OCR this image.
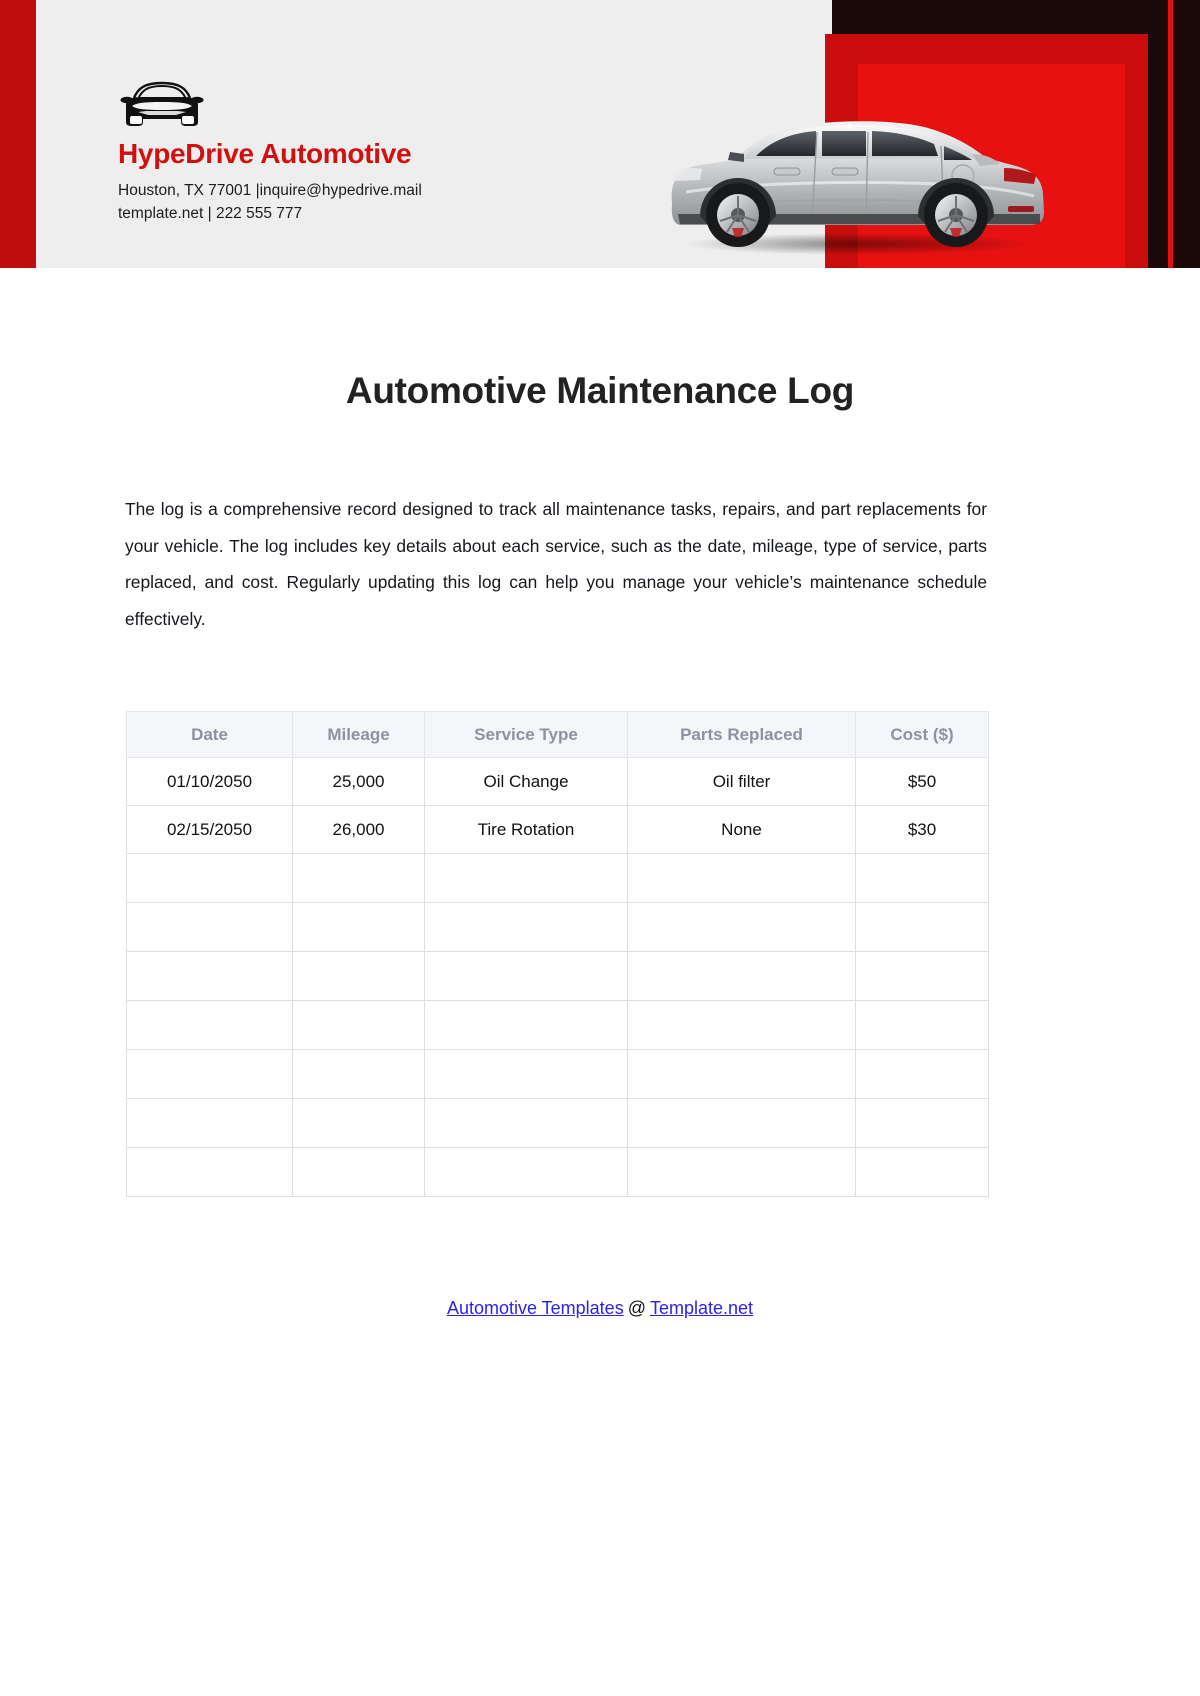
HypeDrive Automotive
Houston, TX 77001 |inquire@hypedrive.mail
template.net | 222 555 777
Automotive Maintenance Log

The log is a comprehensive record designed to track all maintenance tasks, repairs, and part replacements for your vehicle. The log includes key details about each service, such as the date, mileage, type of service, parts replaced, and cost. Regularly updating this log can help you manage your vehicle’s maintenance schedule effectively.

Date	Mileage	Service Type	Parts Replaced	Cost ($)
01/10/2050	25,000	Oil Change	Oil filter	$50
02/15/2050	26,000	Tire Rotation	None	$30

Automotive Templates @ Template.net
